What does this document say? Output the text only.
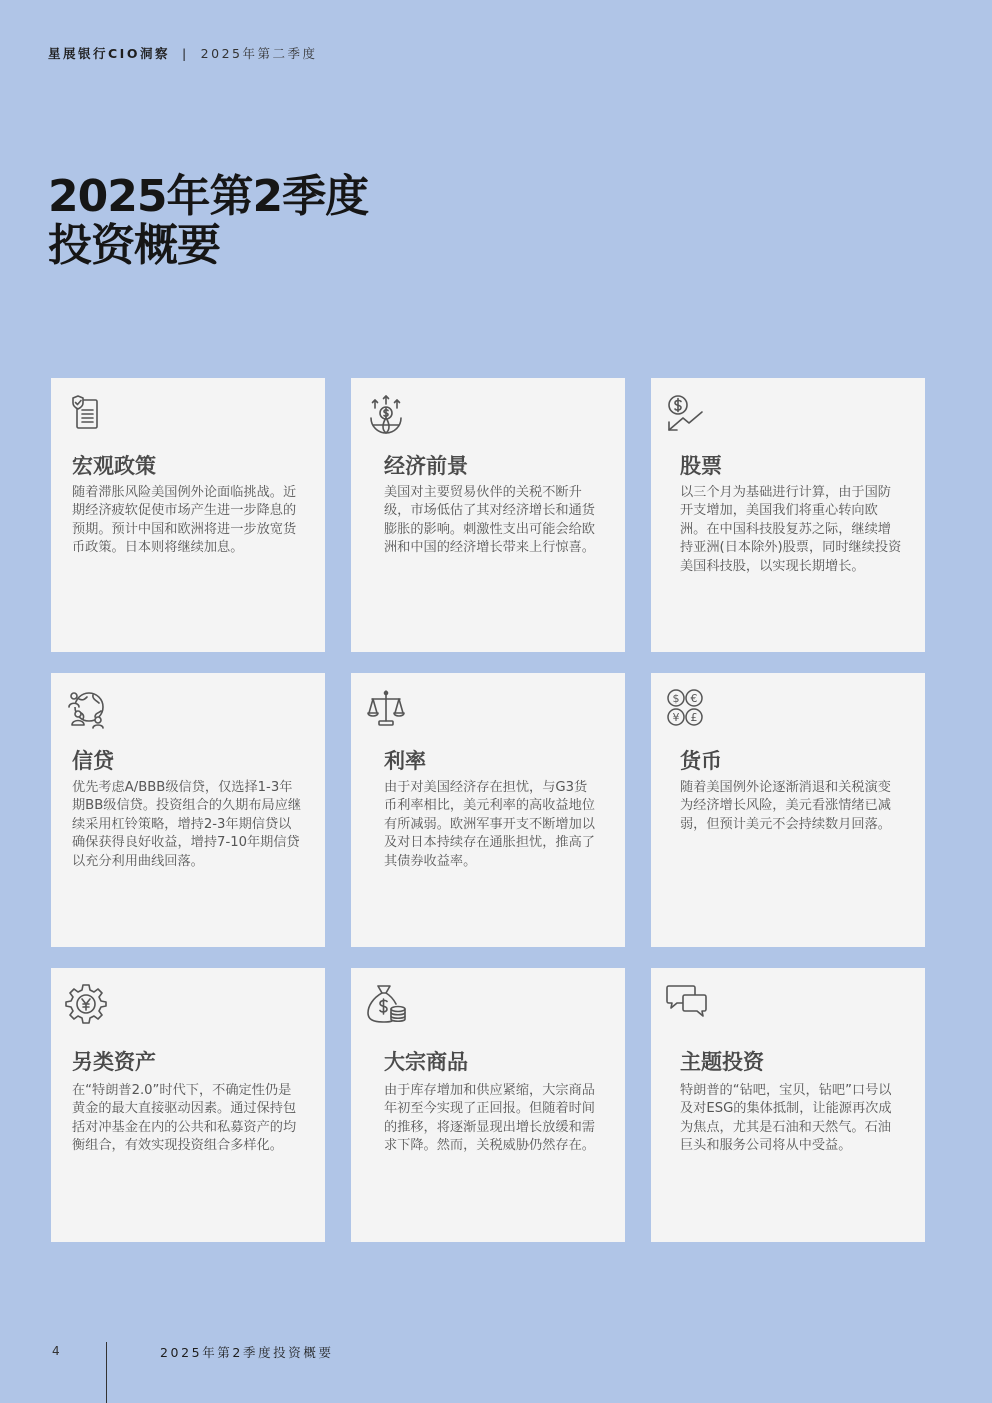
星展银行CIO洞察 | 2025年第二季度
2025年第2季度
投资概要
宏观政策
随着滞胀风险美国例外论面临挑战。近期经济疲软促使市场产生进一步降息的预期。预计中国和欧洲将进一步放宽货币政策。日本则将继续加息。
经济前景
美国对主要贸易伙伴的关税不断升级，市场低估了其对经济增长和通货膨胀的影响。刺激性支出可能会给欧洲和中国的经济增长带来上行惊喜。
股票
以三个月为基础进行计算，由于国防开支增加，美国我们将重心转向欧洲。在中国科技股复苏之际，继续增持亚洲(日本除外)股票，同时继续投资美国科技股，以实现长期增长。
信贷
优先考虑A/BBB级信贷，仅选择1-3年期BB级信贷。投资组合的久期布局应继续采用杠铃策略，增持2-3年期信贷以确保获得良好收益，增持7-10年期信贷以充分利用曲线回落。
利率
由于对美国经济存在担忧，与G3货币利率相比，美元利率的高收益地位有所减弱。欧洲军事开支不断增加以及对日本持续存在通胀担忧，推高了其债券收益率。
$ €
¥ £
货币
随着美国例外论逐渐消退和关税演变为经济增长风险，美元看涨情绪已减弱，但预计美元不会持续数月回落。
另类资产
在“特朗普2.0”时代下，不确定性仍是黄金的最大直接驱动因素。通过保持包括对冲基金在内的公共和私募资产的均衡组合，有效实现投资组合多样化。
大宗商品
由于库存增加和供应紧缩，大宗商品年初至今实现了正回报。但随着时间的推移，将逐渐显现出增长放缓和需求下降。然而，关税威胁仍然存在。
主题投资
特朗普的“钻吧，宝贝，钻吧”口号以及对ESG的集体抵制，让能源再次成为焦点，尤其是石油和天然气。石油巨头和服务公司将从中受益。
4	2025年第2季度投资概要
